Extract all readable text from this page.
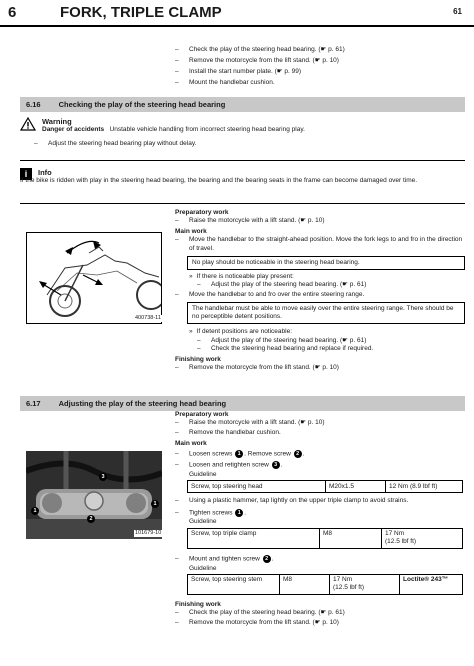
6	FORK, TRIPLE CLAMP	61
–	Check the play of the steering head bearing. (☛ p. 61)
–	Remove the motorcycle from the lift stand. (☛ p. 10)
–	Install the start number plate. (☛ p. 99)
–	Mount the handlebar cushion.
6.16 Checking the play of the steering head bearing
Warning
Danger of accidents Unstable vehicle handling from incorrect steering head bearing play.
–	Adjust the steering head bearing play without delay.
i	Info
If the bike is ridden with play in the steering head bearing, the bearing and the bearing seats in the frame can become damaged over time.
400738-11
Preparatory work
–	Raise the motorcycle with a lift stand. (☛ p. 10)
Main work
–	Move the handlebar to the straight-ahead position. Move the fork legs to and fro in the direction of travel.
No play should be noticeable in the steering head bearing.
» If there is noticeable play present:
–	Adjust the play of the steering head bearing. (☛ p. 61)
–	Move the handlebar to and fro over the entire steering range.
The handlebar must be able to move easily over the entire steering range. There should be no perceptible detent positions.
» If detent positions are noticeable:
–	Adjust the play of the steering head bearing. (☛ p. 61)
–	Check the steering head bearing and replace if required.
Finishing work
–	Remove the motorcycle from the lift stand. (☛ p. 10)
6.17 Adjusting the play of the steering head bearing
3
1
1
2
101679-10
Preparatory work
–	Raise the motorcycle with a lift stand. (☛ p. 10)
–	Remove the handlebar cushion.
Main work
–	Loosen screws 1 . Remove screw 2 .
–	Loosen and retighten screw 3 .
Guideline
Screw, top steering head	M20x1.5	12 Nm (8.9 lbf ft)
–	Using a plastic hammer, tap lightly on the upper triple clamp to avoid strains.
–	Tighten screws 1 .
Guideline
Screw, top triple clamp	M8	17 Nm
(12.5 lbf ft)
–	Mount and tighten screw 2 .
Guideline
Screw, top steering stem	M8	17 Nm
(12.5 lbf ft)
	Loctite® 243™
Finishing work
–	Check the play of the steering head bearing. (☛ p. 61)
–	Remove the motorcycle from the lift stand. (☛ p. 10)
